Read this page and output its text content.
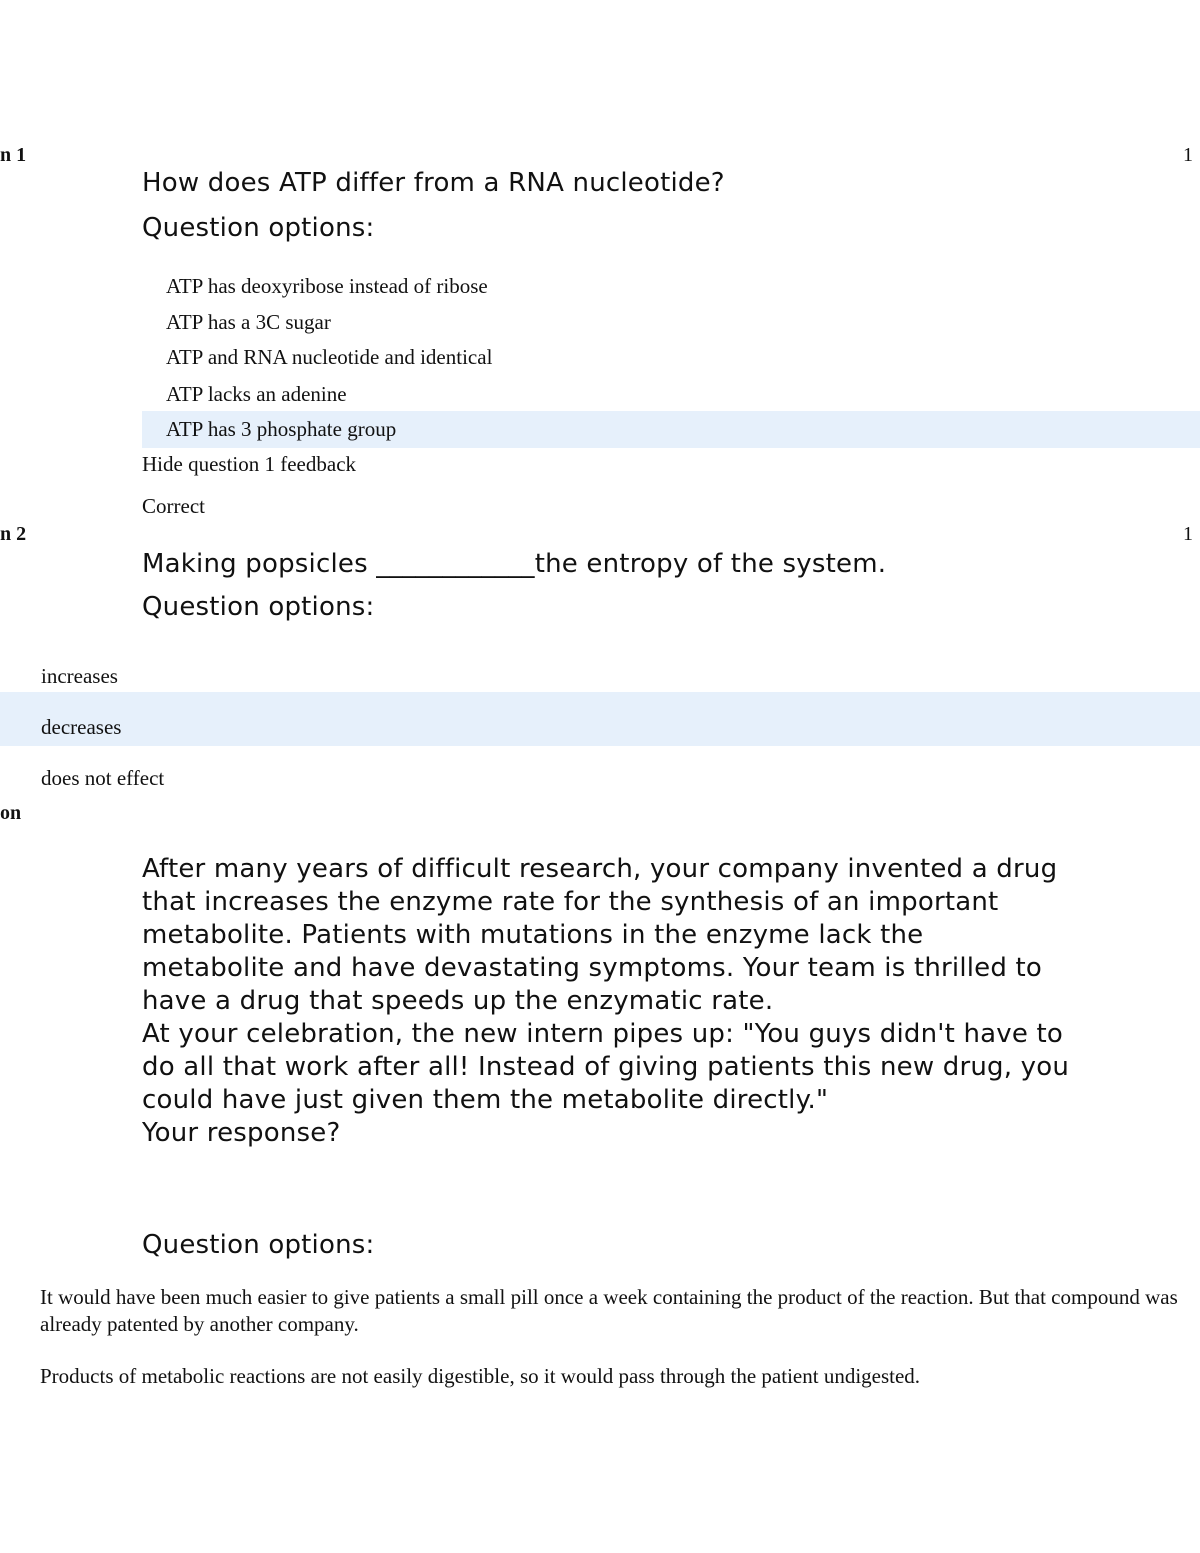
n 1	1
How does ATP differ from a RNA nucleotide?
Question options:
ATP has deoxyribose instead of ribose
ATP has a 3C sugar
ATP and RNA nucleotide and identical
ATP lacks an adenine
ATP has 3 phosphate group
Hide question 1 feedback
Correct
n 2	1
Making popsicles ____________the entropy of the system.
Question options:
increases
decreases
does not effect
on

After many years of difficult research, your company invented a drug that increases the enzyme rate for the synthesis of an important metabolite. Patients with mutations in the enzyme lack the metabolite and have devastating symptoms. Your team is thrilled to have a drug that speeds up the enzymatic rate.

At your celebration, the new intern pipes up: "You guys didn't have to do all that work after all! Instead of giving patients this new drug, you could have just given them the metabolite directly."

Your response?

Question options:
It would have been much easier to give patients a small pill once a week containing the product of the reaction. But that compound was already patented by another company.
Products of metabolic reactions are not easily digestible, so it would pass through the patient undigested.
